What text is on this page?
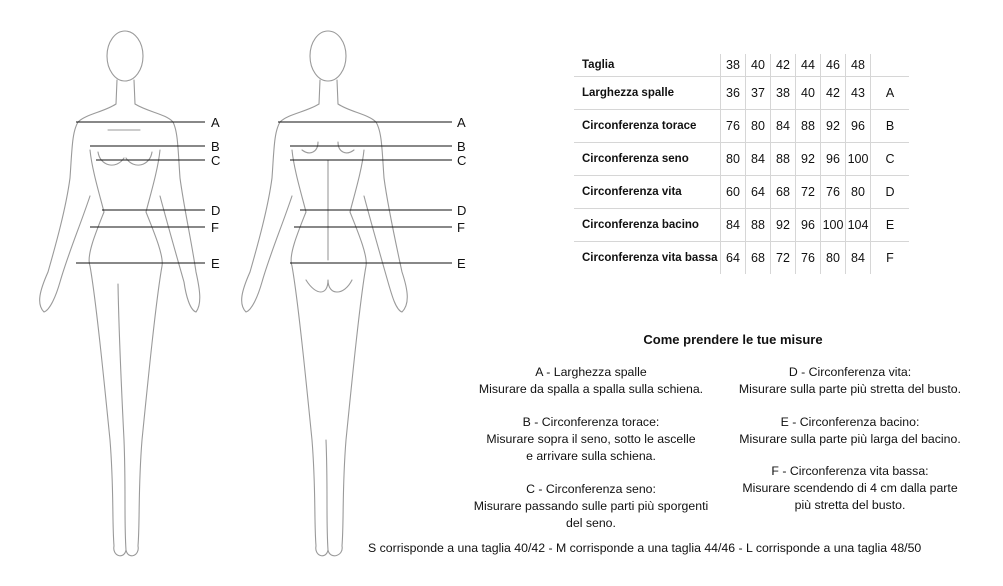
A
B
C
D
F
E
A
B
C
D
F
E
Taglia	38	40	42	44	46	48	
Larghezza spalle	36	37	38	40	42	43	A
Circonferenza torace	76	80	84	88	92	96	B
Circonferenza seno	80	84	88	92	96	100	C
Circonferenza vita	60	64	68	72	76	80	D
Circonferenza bacino	84	88	92	96	100	104	E
Circonferenza vita bassa	64	68	72	76	80	84	F
Come prendere le tue misure
A - Larghezza spalle
Misurare da spalla a spalla sulla schiena.
B - Circonferenza torace:
Misurare sopra il seno, sotto le ascelle
e arrivare sulla schiena.
C - Circonferenza seno:
Misurare passando sulle parti più sporgenti
del seno.
D - Circonferenza vita:
Misurare sulla parte più stretta del busto.
E - Circonferenza bacino:
Misurare sulla parte più larga del bacino.
F - Circonferenza vita bassa:
Misurare scendendo di 4 cm dalla parte
più stretta del busto.
S corrisponde a una taglia 40/42 - M corrisponde a una taglia 44/46 - L corrisponde a una taglia 48/50
